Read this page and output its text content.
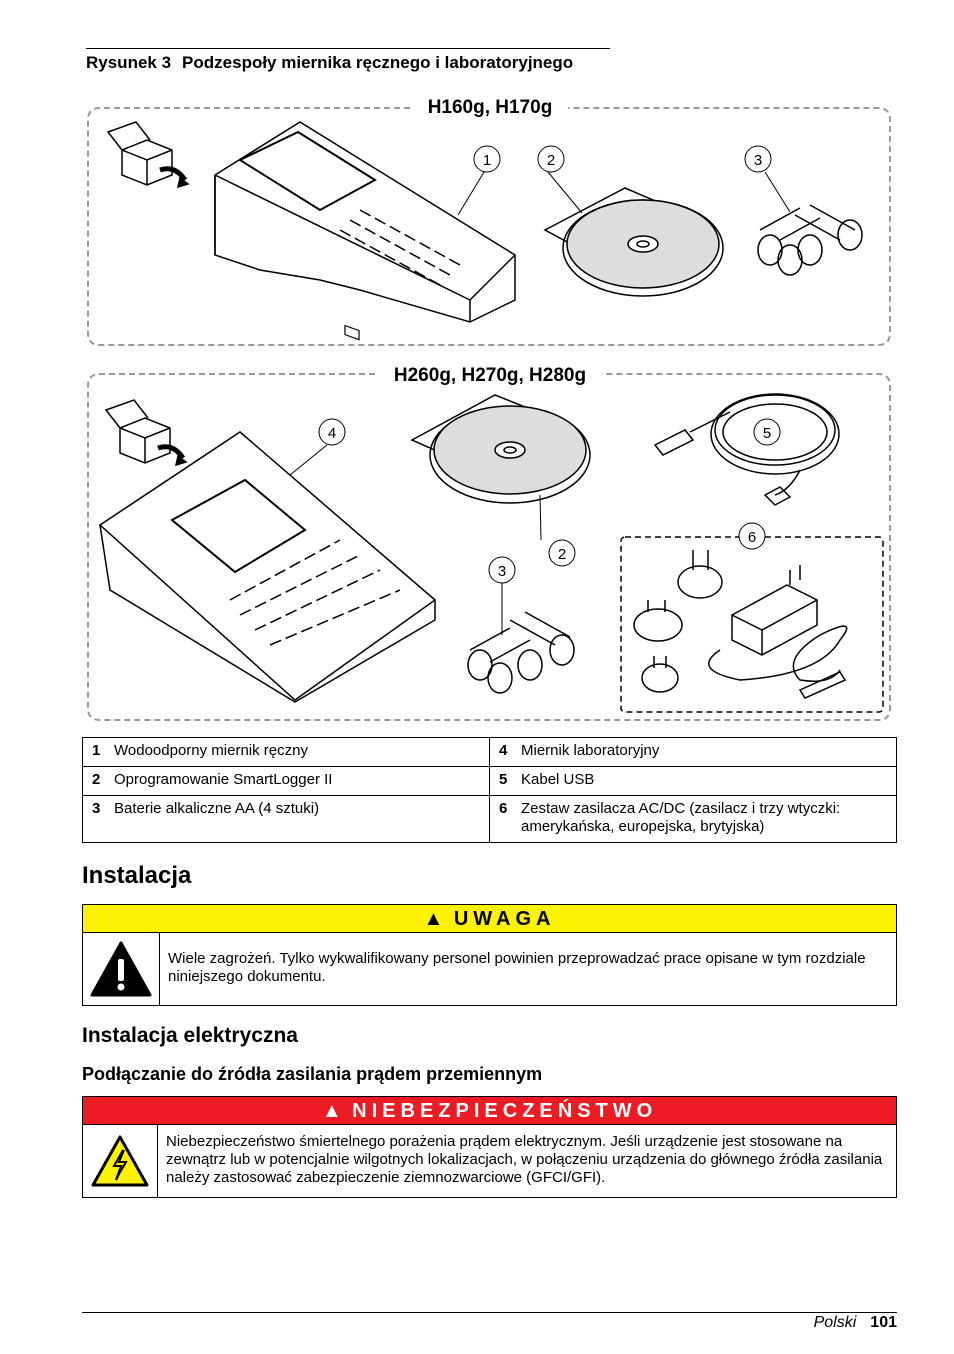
Rysunek 3 Podzespoły miernika ręcznego i laboratoryjnego
H160g, H170g
H260g, H270g, H280g
1	2	3
4	5
6
2
3
1 Wodoodporny miernik ręczny	4 Miernik laboratoryjny
2 Oprogramowanie SmartLogger II	5 Kabel USB
3 Baterie alkaliczne AA (4 sztuki)	6 Zestaw zasilacza AC/DC (zasilacz i trzy wtyczki: amerykańska, europejska, brytyjska)
Instalacja
▲ UWAGA
Wiele zagrożeń. Tylko wykwalifikowany personel powinien przeprowadzać prace opisane w tym rozdziale niniejszego dokumentu.
Instalacja elektryczna
Podłączanie do źródła zasilania prądem przemiennym
▲ NIEBEZPIECZEŃSTWO
Niebezpieczeństwo śmiertelnego porażenia prądem elektrycznym. Jeśli urządzenie jest stosowane na zewnątrz lub w potencjalnie wilgotnych lokalizacjach, w połączeniu urządzenia do głównego źródła zasilania należy zastosować zabezpieczenie ziemnozwarciowe (GFCI/GFI).
Polski 101
